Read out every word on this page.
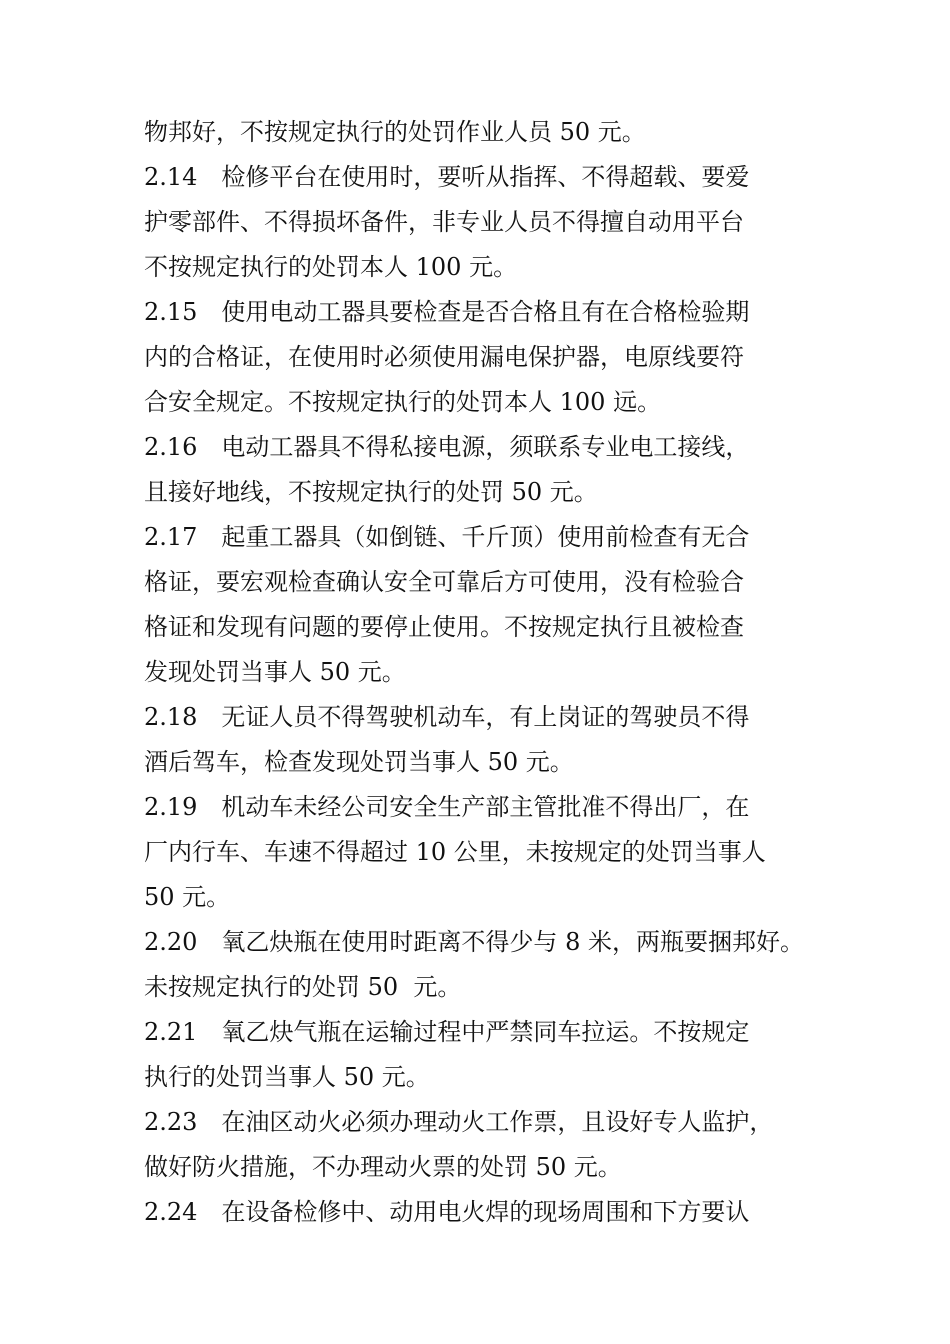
物邦好，不按规定执行的处罚作业人员 50 元。
2.14　检修平台在使用时，要听从指挥、不得超载、要爱
护零部件、不得损坏备件，非专业人员不得擅自动用平台
不按规定执行的处罚本人 100 元。
2.15　使用电动工器具要检查是否合格且有在合格检验期
内的合格证，在使用时必须使用漏电保护器，电原线要符
合安全规定。不按规定执行的处罚本人 100 远。
2.16　电动工器具不得私接电源，须联系专业电工接线，
且接好地线，不按规定执行的处罚 50 元。
2.17　起重工器具（如倒链、千斤顶）使用前检查有无合
格证，要宏观检查确认安全可靠后方可使用，没有检验合
格证和发现有问题的要停止使用。不按规定执行且被检查
发现处罚当事人 50 元。
2.18　无证人员不得驾驶机动车，有上岗证的驾驶员不得
酒后驾车，检查发现处罚当事人 50 元。
2.19　机动车未经公司安全生产部主管批准不得出厂，在
厂内行车、车速不得超过 10 公里，未按规定的处罚当事人
50 元。
2.20　氧乙炔瓶在使用时距离不得少与 8 米，两瓶要捆邦好。
未按规定执行的处罚 50  元。
2.21　氧乙炔气瓶在运输过程中严禁同车拉运。不按规定
执行的处罚当事人 50 元。
2.23　在油区动火必须办理动火工作票，且设好专人监护，
做好防火措施，不办理动火票的处罚 50 元。
2.24　在设备检修中、动用电火焊的现场周围和下方要认
